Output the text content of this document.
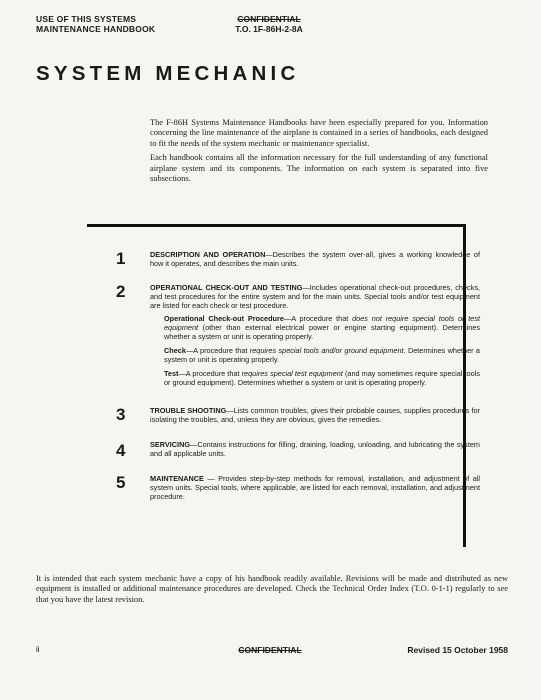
USE OF THIS SYSTEMS
MAINTENANCE HANDBOOK
CONFIDENTIAL
T.O. 1F-86H-2-8A
SYSTEM MECHANIC

The F-86H Systems Maintenance Handbooks have been especially prepared for you. Information concerning the line maintenance of the airplane is contained in a series of handbooks, each designed to fit the needs of the system mechanic or maintenance specialist.

Each handbook contains all the information necessary for the full understanding of any functional airplane system and its components. The information on each system is separated into five subsections.

1	DESCRIPTION AND OPERATION—Describes the system over-all, gives a working knowledge of how it operates, and describes the main units.
2	OPERATIONAL CHECK-OUT AND TESTING—Includes operational check-out procedures, checks, and test procedures for the entire system and for the main units. Special tools and/or test equipment are listed for each check or test procedure.
Operational Check-out Procedure—A procedure that does not require special tools or test equipment (other than external electrical power or engine starting equipment). Determines whether a system or unit is operating properly.
Check—A procedure that requires special tools and/or ground equipment. Determines whether a system or unit is operating properly.
Test—A procedure that requires special test equipment (and may sometimes require special tools or ground equipment). Determines whether a system or unit is operating properly.
3	TROUBLE SHOOTING—Lists common troubles, gives their probable causes, supplies procedures for isolating the troubles, and, unless they are obvious, gives the remedies.
4	SERVICING—Contains instructions for filling, draining, loading, unloading, and lubricating the system and all applicable units.
5	MAINTENANCE — Provides step-by-step methods for removal, installation, and adjustment of all system units. Special tools, where applicable, are listed for each removal, installation, and adjustment procedure.
It is intended that each system mechanic have a copy of his handbook readily available. Revisions will be made and distributed as new equipment is installed or additional maintenance procedures are developed. Check the Technical Order Index (T.O. 0-1-1) regularly to see that you have the latest revision.
ii	CONFIDENTIAL	Revised 15 October 1958
